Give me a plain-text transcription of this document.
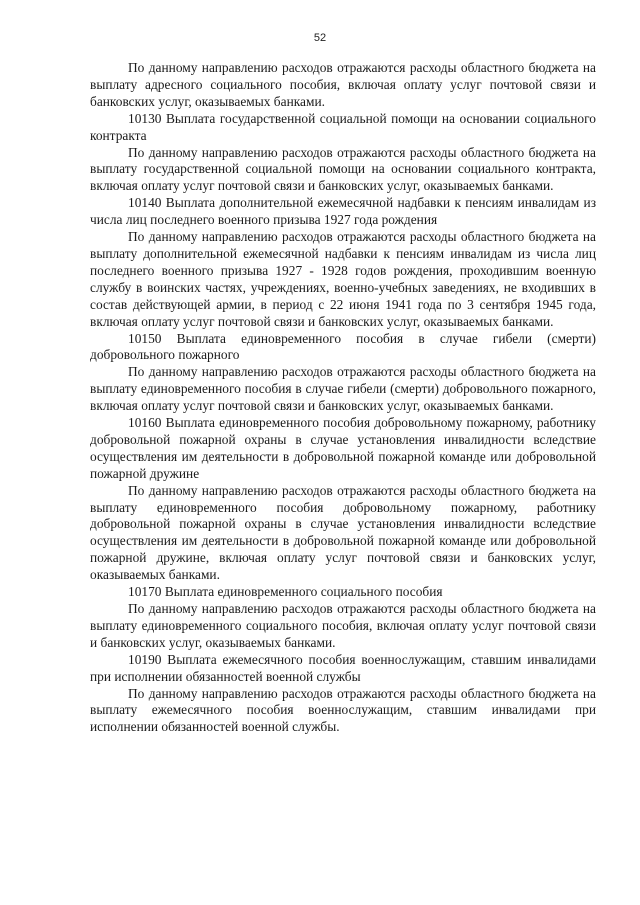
52

По данному направлению расходов отражаются расходы областного бюджета на выплату адресного социального пособия, включая оплату услуг почтовой связи и банковских услуг, оказываемых банками.

10130 Выплата государственной социальной помощи на основании социального контракта

По данному направлению расходов отражаются расходы областного бюджета на выплату государственной социальной помощи на основании социального контракта, включая оплату услуг почтовой связи и банковских услуг, оказываемых банками.

10140 Выплата дополнительной ежемесячной надбавки к пенсиям инвалидам из числа лиц последнего военного призыва 1927 года рождения

По данному направлению расходов отражаются расходы областного бюджета на выплату дополнительной ежемесячной надбавки к пенсиям инвалидам из числа лиц последнего военного призыва 1927 - 1928 годов рождения, проходившим военную службу в воинских частях, учреждениях, военно-учебных заведениях, не входивших в состав действующей армии, в период с 22 июня 1941 года по 3 сентября 1945 года, включая оплату услуг почтовой связи и банковских услуг, оказываемых банками.

10150 Выплата единовременного пособия в случае гибели (смерти) добровольного пожарного

По данному направлению расходов отражаются расходы областного бюджета на выплату единовременного пособия в случае гибели (смерти) добровольного пожарного, включая оплату услуг почтовой связи и банковских услуг, оказываемых банками.

10160 Выплата единовременного пособия добровольному пожарному, работнику добровольной пожарной охраны в случае установления инвалидности вследствие осуществления им деятельности в добровольной пожарной команде или добровольной пожарной дружине

По данному направлению расходов отражаются расходы областного бюджета на выплату единовременного пособия добровольному пожарному, работнику добровольной пожарной охраны в случае установления инвалидности вследствие осуществления им деятельности в добровольной пожарной команде или добровольной пожарной дружине, включая оплату услуг почтовой связи и банковских услуг, оказываемых банками.

10170 Выплата единовременного социального пособия

По данному направлению расходов отражаются расходы областного бюджета на выплату единовременного социального пособия, включая оплату услуг почтовой связи и банковских услуг, оказываемых банками.

10190 Выплата ежемесячного пособия военнослужащим, ставшим инвалидами при исполнении обязанностей военной службы

По данному направлению расходов отражаются расходы областного бюджета на выплату ежемесячного пособия военнослужащим, ставшим инвалидами при исполнении обязанностей военной службы.
